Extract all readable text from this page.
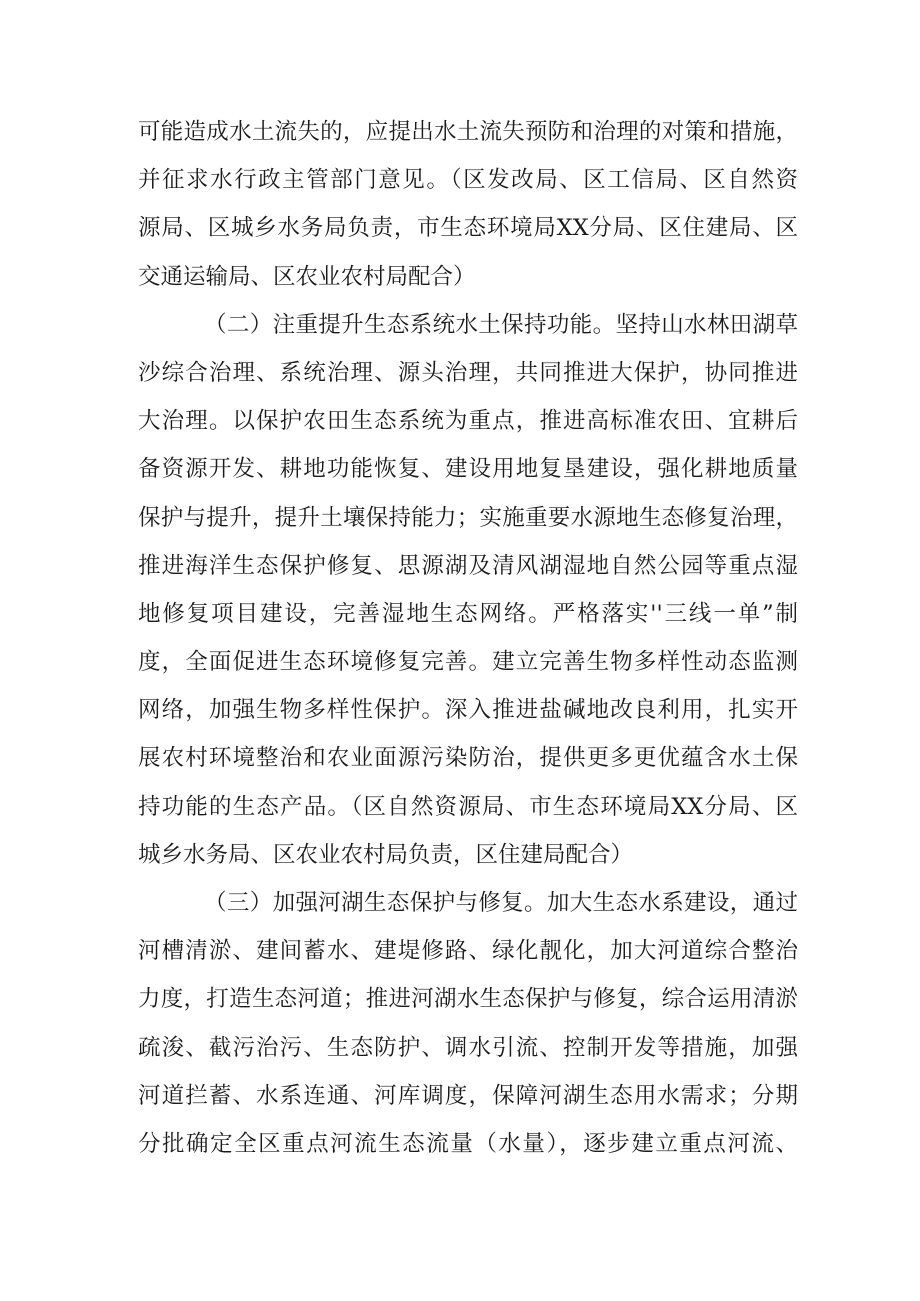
可能造成水土流失的，应提出水土流失预防和治理的对策和措施，
并征求水行政主管部门意见。（区发改局、区工信局、区自然资
源局、区城乡水务局负责，市生态环境局XX分局、区住建局、区
交通运输局、区农业农村局配合）
（二）注重提升生态系统水土保持功能。坚持山水林田湖草
沙综合治理、系统治理、源头治理，共同推进大保护，协同推进
大治理。以保护农田生态系统为重点，推进高标准农田、宜耕后
备资源开发、耕地功能恢复、建设用地复垦建设，强化耕地质量
保护与提升，提升土壤保持能力；实施重要水源地生态修复治理，
推进海洋生态保护修复、思源湖及清风湖湿地自然公园等重点湿
地修复项目建设，完善湿地生态网络。严格落实''三线一单”制
度，全面促进生态环境修复完善。建立完善生物多样性动态监测
网络，加强生物多样性保护。深入推进盐碱地改良利用，扎实开
展农村环境整治和农业面源污染防治，提供更多更优蕴含水土保
持功能的生态产品。（区自然资源局、市生态环境局XX分局、区
城乡水务局、区农业农村局负责，区住建局配合）
（三）加强河湖生态保护与修复。加大生态水系建设，通过
河槽清淤、建间蓄水、建堤修路、绿化靓化，加大河道综合整治
力度，打造生态河道；推进河湖水生态保护与修复，综合运用清淤
疏浚、截污治污、生态防护、调水引流、控制开发等措施，加强
河道拦蓄、水系连通、河库调度，保障河湖生态用水需求；分期
分批确定全区重点河流生态流量（水量），逐步建立重点河流、
